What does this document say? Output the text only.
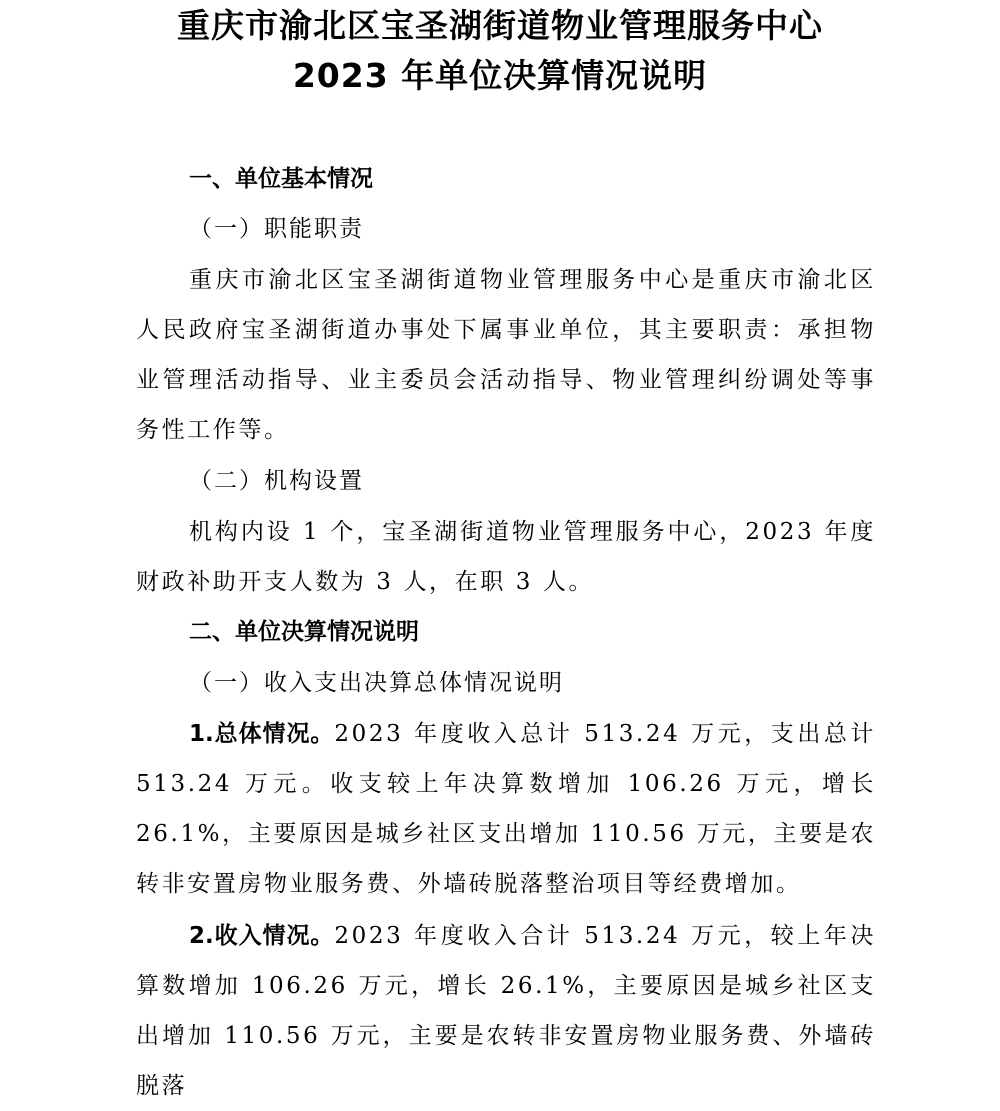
重庆市渝北区宝圣湖街道物业管理服务中心
2023 年单位决算情况说明
一、单位基本情况
（一）职能职责

重庆市渝北区宝圣湖街道物业管理服务中心是重庆市渝北区人民政府宝圣湖街道办事处下属事业单位，其主要职责：承担物业管理活动指导、业主委员会活动指导、物业管理纠纷调处等事务性工作等。

（二）机构设置

机构内设 1 个，宝圣湖街道物业管理服务中心，2023 年度财政补助开支人数为 3 人，在职 3 人。

二、单位决算情况说明
（一）收入支出决算总体情况说明

1.总体情况。2023 年度收入总计 513.24 万元，支出总计 513.24 万元。收支较上年决算数增加 106.26 万元，增长 26.1%，主要原因是城乡社区支出增加 110.56 万元，主要是农转非安置房物业服务费、外墙砖脱落整治项目等经费增加。

2.收入情况。2023 年度收入合计 513.24 万元，较上年决算数增加 106.26 万元，增长 26.1%，主要原因是城乡社区支出增加 110.56 万元，主要是农转非安置房物业服务费、外墙砖脱落
